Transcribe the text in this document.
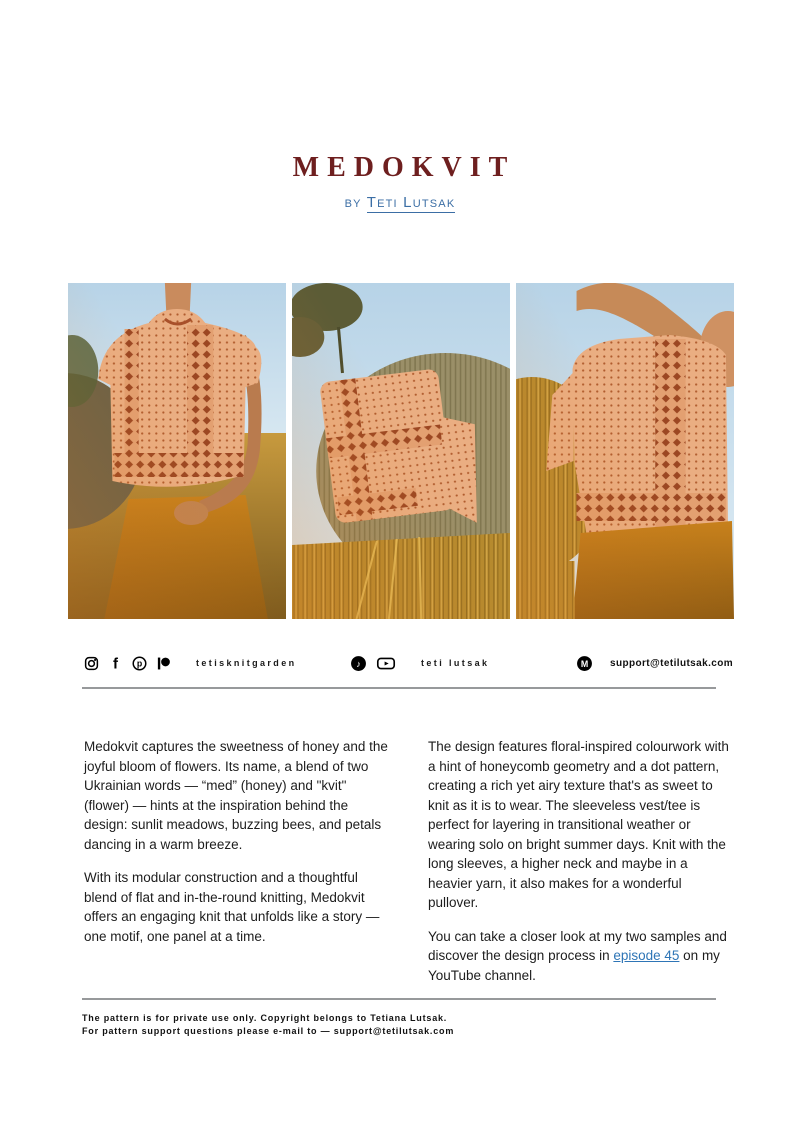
MEDOKVIT
by Teti Lutsak
f p	tetisknitgarden	♪	teti lutsak	M support@tetilutsak.com

Medokvit captures the sweetness of honey and the joyful bloom of flowers. Its name, a blend of two Ukrainian words — “med” (honey) and "kvit" (flower) — hints at the inspiration behind the design: sunlit meadows, buzzing bees, and petals dancing in a warm breeze.

With its modular construction and a thoughtful blend of flat and in-the-round knitting, Medokvit offers an engaging knit that unfolds like a story — one motif, one panel at a time.

The design features floral-inspired colourwork with a hint of honeycomb geometry and a dot pattern, creating a rich yet airy texture that's as sweet to knit as it is to wear. The sleeveless vest/tee is perfect for layering in transitional weather or wearing solo on bright summer days. Knit with the long sleeves, a higher neck and maybe in a heavier yarn, it also makes for a wonderful pullover.

You can take a closer look at my two samples and discover the design process in episode 45 on my YouTube channel.

The pattern is for private use only. Copyright belongs to Tetiana Lutsak.
For pattern support questions please e-mail to — support@tetilutsak.com
